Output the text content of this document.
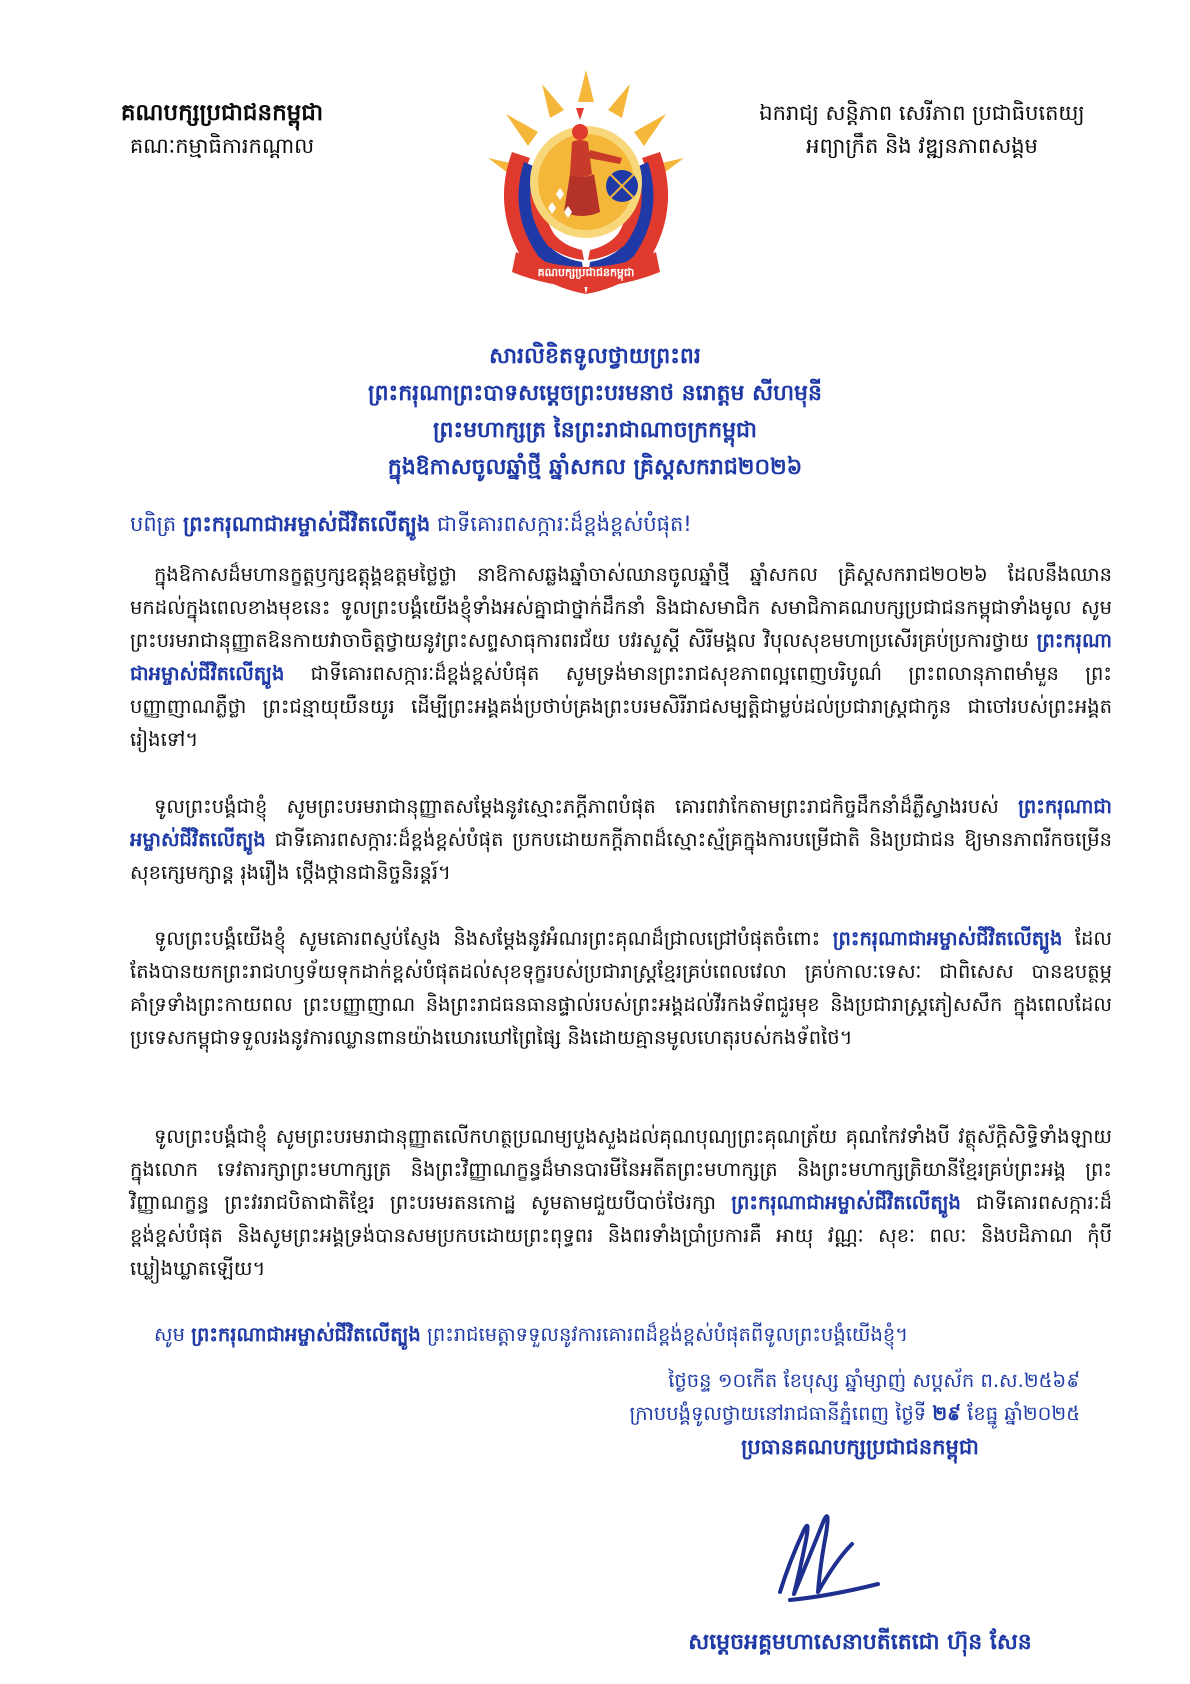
គណបក្សប្រជាជនកម្ពុជា
គណៈកម្មាធិការកណ្ដាល
គណបក្សប្រជាជនកម្ពុជា
ឯករាជ្យ សន្តិភាព សេរីភាព ប្រជាធិបតេយ្យ
អព្យាក្រឹត និង វឌ្ឍនភាពសង្គម
សារលិខិតទូលថ្វាយព្រះពរ
ព្រះករុណាព្រះបាទសម្តេចព្រះបរមនាថ នរោត្តម សីហមុនី
ព្រះមហាក្សត្រ នៃព្រះរាជាណាចក្រកម្ពុជា
ក្នុងឱកាសចូលឆ្នាំថ្មី ឆ្នាំសកល គ្រិស្តសករាជ២០២៦
បពិត្រ ព្រះករុណាជាអម្ចាស់ជីវិតលើត្បូង ជាទីគោរពសក្ការៈដ៏ខ្ពង់ខ្ពស់បំផុត!
ក្នុងឱកាសដ៏មហានក្ខត្តឫក្សឧត្តុង្គឧត្តមថ្លៃថ្លា នាឱកាសឆ្លងឆ្នាំចាស់ឈានចូលឆ្នាំថ្មី ឆ្នាំសកល គ្រិស្តសករាជ២០២៦ ដែលនឹងឈានមកដល់ក្នុងពេលខាងមុខនេះ ទូលព្រះបង្គំយើងខ្ញុំទាំងអស់គ្នាជាថ្នាក់ដឹកនាំ និងជាសមាជិក សមាជិកាគណបក្សប្រជាជនកម្ពុជាទាំងមូល សូមព្រះបរមរាជានុញ្ញាតឱនកាយវាចាចិត្តថ្វាយនូវព្រះសព្ទសាធុការពរជ័យ បវរសួស្តី សិរីមង្គល វិបុលសុខមហាប្រសើរគ្រប់ប្រការថ្វាយ ព្រះករុណាជាអម្ចាស់ជីវិតលើត្បូង ជាទីគោរពសក្ការៈដ៏ខ្ពង់ខ្ពស់បំផុត សូមទ្រង់មានព្រះរាជសុខភាពល្អពេញបរិបូណ៌ ព្រះពលានុភាពមាំមួន ព្រះបញ្ញាញាណភ្លឺថ្លា ព្រះជន្មាយុយឺនយូរ ដើម្បីព្រះអង្គគង់ប្រថាប់គ្រងព្រះបរមសិរីរាជសម្បត្តិជាម្លប់ដល់ប្រជារាស្ត្រជាកូន ជាចៅរបស់ព្រះអង្គតរៀងទៅ។
ទូលព្រះបង្គំជាខ្ញុំ សូមព្រះបរមរាជានុញ្ញាតសម្តែងនូវស្មោះភក្ដីភាពបំផុត គោរពវាកែតាមព្រះរាជកិច្ចដឹកនាំដ៏ភ្លឺស្វាងរបស់ ព្រះករុណាជាអម្ចាស់ជីវិតលើត្បូង ជាទីគោរពសក្ការៈដ៏ខ្ពង់ខ្ពស់បំផុត ប្រកបដោយកក្តីភាពដ៏ស្មោះស្ម័គ្រក្នុងការបម្រើជាតិ និងប្រជាជន ឱ្យមានភាពរីកចម្រើន សុខក្សេមក្សាន្ត រុងរឿង ថ្កើងថ្កានជានិច្ចនិរន្តរ៍។
ទូលព្រះបង្គំយើងខ្ញុំ សូមគោរពស្ញប់ស្ញែង និងសម្តែងនូវអំណរព្រះគុណដ៏ជ្រាលជ្រៅបំផុតចំពោះ ព្រះករុណាជាអម្ចាស់ជីវិតលើត្បូង ដែលតែងបានយកព្រះរាជហឫទ័យទុកដាក់ខ្ពស់បំផុតដល់សុខទុក្ខរបស់ប្រជារាស្ត្រខ្មែរគ្រប់ពេលវេលា គ្រប់កាលៈទេសៈ ជាពិសេស បានឧបត្ថម្ភគាំទ្រទាំងព្រះកាយពល ព្រះបញ្ញាញាណ និងព្រះរាជធនធានផ្ទាល់របស់ព្រះអង្គដល់វីរកងទ័ពជួរមុខ និងប្រជារាស្ត្រភៀសសឹក ក្នុងពេលដែលប្រទេសកម្ពុជាទទួលរងនូវការឈ្លានពានយ៉ាងឃោរឃៅព្រៃផ្សៃ និងដោយគ្មានមូលហេតុរបស់កងទ័ពថៃ។
ទូលព្រះបង្គំជាខ្ញុំ សូមព្រះបរមរាជានុញ្ញាតលើកហត្ថប្រណម្យបួងសួងដល់គុណបុណ្យព្រះគុណត្រ័យ គុណកែវទាំងបី វត្ថុស័ក្តិសិទ្ធិទាំងឡាយក្នុងលោក ទេវតារក្សាព្រះមហាក្សត្រ និងព្រះវិញ្ញាណក្ខន្ធដ៏មានបារមីនៃអតីតព្រះមហាក្សត្រ និងព្រះមហាក្សត្រិយានីខ្មែរគ្រប់ព្រះអង្គ ព្រះវិញ្ញាណក្ខន្ធ ព្រះវររាជបិតាជាតិខ្មែរ ព្រះបរមរតនកោដ្ឋ សូមតាមជួយបីបាច់ថែរក្សា ព្រះករុណាជាអម្ចាស់ជីវិតលើត្បូង ជាទីគោរពសក្ការៈដ៏ខ្ពង់ខ្ពស់បំផុត និងសូមព្រះអង្គទ្រង់បានសមប្រកបដោយព្រះពុទ្ធពរ និងពរទាំងប្រាំប្រការគឺ អាយុ វណ្ណៈ សុខៈ ពលៈ និងបដិភាណ កុំបីឃ្លៀងឃ្លាតឡើយ។
សូម ព្រះករុណាជាអម្ចាស់ជីវិតលើត្បូង ព្រះរាជមេត្តាទទួលនូវការគោរពដ៏ខ្ពង់ខ្ពស់បំផុតពីទូលព្រះបង្គំយើងខ្ញុំ។
ថ្ងៃចន្ទ ១០កើត ខែបុស្ស ឆ្នាំម្សាញ់ សប្តស័ក ព.ស.២៥៦៩
ក្រាបបង្គំទូលថ្វាយនៅរាជធានីភ្នំពេញ ថ្ងៃទី ២៩ ខែធ្នូ ឆ្នាំ២០២៥
ប្រធានគណបក្សប្រជាជនកម្ពុជា
សម្តេចអគ្គមហាសេនាបតីតេជោ ហ៊ុន សែន
